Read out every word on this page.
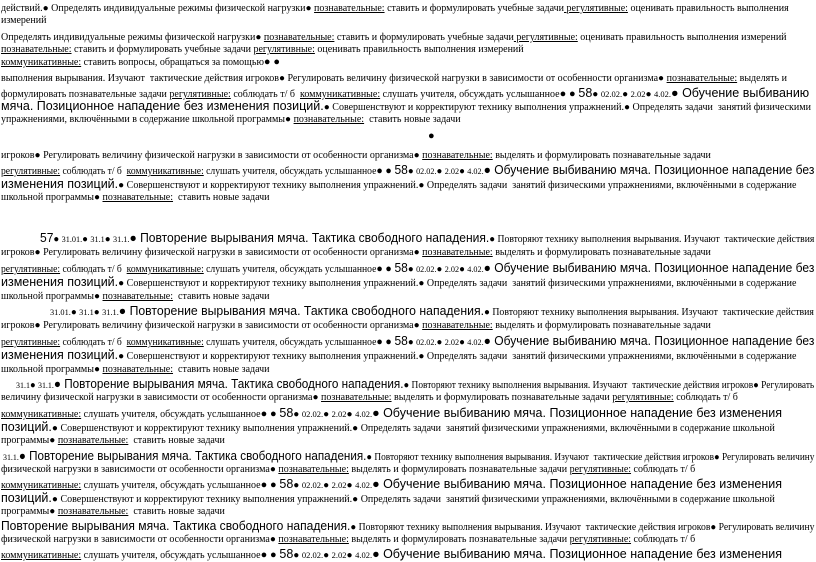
действий.● Определять индивидуальные режимы физической нагрузки● познавательные: ставить и формулировать учебные задачи регулятивные: оценивать правильность выполнения
измерений
Определять индивидуальные режимы физической нагрузки● познавательные: ставить и формулировать учебные задачи регулятивные: оценивать правильность выполнения измерений
познавательные: ставить и формулировать учебные задачи регулятивные: оценивать правильность выполнения измерений
коммуникативные: ставить вопросы, обращаться за помощью● ●
выполнения вырывания. Изучают  тактические действия игроков● Регулировать величину физической нагрузки в зависимости от особенности организма● познавательные: выделять и
формулировать познавательные задачи регулятивные: соблюдать т/ б  коммуникативные: слушать учителя, обсуждать услышанное● ● 58● 02.02.● 2.02● 4.02.● Обучение выбиванию
мяча. Позиционное нападение без изменения позиций.● Совершенствуют и корректируют технику выполнения упражнений.● Определять задачи  занятий физическими
упражнениями, включёнными в содержание школьной программы● познавательные:  ставить новые задачи
●
игроков● Регулировать величину физической нагрузки в зависимости от особенности организма● познавательные: выделять и формулировать познавательные задачи
регулятивные: соблюдать т/ б  коммуникативные: слушать учителя, обсуждать услышанное● ● 58● 02.02.● 2.02● 4.02.● Обучение выбиванию мяча. Позиционное нападение без
изменения позиций.● Совершенствуют и корректируют технику выполнения упражнений.● Определять задачи  занятий физическими упражнениями, включёнными в содержание
школьной программы● познавательные:  ставить новые задачи
57● 31.01.● 31.1● 31.1.● Повторение вырывания мяча. Тактика свободного нападения.● Повторяют технику выполнения вырывания. Изучают  тактические действия
игроков● Регулировать величину физической нагрузки в зависимости от особенности организма● познавательные: выделять и формулировать познавательные задачи
регулятивные: соблюдать т/ б  коммуникативные: слушать учителя, обсуждать услышанное● ● 58● 02.02.● 2.02● 4.02.● Обучение выбиванию мяча. Позиционное нападение без
изменения позиций.● Совершенствуют и корректируют технику выполнения упражнений.● Определять задачи  занятий физическими упражнениями, включёнными в содержание
школьной программы● познавательные:  ставить новые задачи
31.01.● 31.1● 31.1.● Повторение вырывания мяча. Тактика свободного нападения.● Повторяют технику выполнения вырывания. Изучают  тактические действия
игроков● Регулировать величину физической нагрузки в зависимости от особенности организма● познавательные: выделять и формулировать познавательные задачи
регулятивные: соблюдать т/ б  коммуникативные: слушать учителя, обсуждать услышанное● ● 58● 02.02.● 2.02● 4.02.● Обучение выбиванию мяча. Позиционное нападение без
изменения позиций.● Совершенствуют и корректируют технику выполнения упражнений.● Определять задачи  занятий физическими упражнениями, включёнными в содержание
школьной программы● познавательные:  ставить новые задачи
31.1● 31.1.● Повторение вырывания мяча. Тактика свободного нападения.● Повторяют технику выполнения вырывания. Изучают  тактические действия игроков● Регулировать
величину физической нагрузки в зависимости от особенности организма● познавательные: выделять и формулировать познавательные задачи регулятивные: соблюдать т/ б
коммуникативные: слушать учителя, обсуждать услышанное● ● 58● 02.02.● 2.02● 4.02.● Обучение выбиванию мяча. Позиционное нападение без изменения
позиций.● Совершенствуют и корректируют технику выполнения упражнений.● Определять задачи  занятий физическими упражнениями, включёнными в содержание школьной
программы● познавательные:  ставить новые задачи
31.1.● Повторение вырывания мяча. Тактика свободного нападения.● Повторяют технику выполнения вырывания. Изучают  тактические действия игроков● Регулировать величину
физической нагрузки в зависимости от особенности организма● познавательные: выделять и формулировать познавательные задачи регулятивные: соблюдать т/ б
коммуникативные: слушать учителя, обсуждать услышанное● ● 58● 02.02.● 2.02● 4.02.● Обучение выбиванию мяча. Позиционное нападение без изменения
позиций.● Совершенствуют и корректируют технику выполнения упражнений.● Определять задачи  занятий физическими упражнениями, включёнными в содержание школьной
программы● познавательные:  ставить новые задачи
Повторение вырывания мяча. Тактика свободного нападения.● Повторяют технику выполнения вырывания. Изучают  тактические действия игроков● Регулировать величину
физической нагрузки в зависимости от особенности организма● познавательные: выделять и формулировать познавательные задачи регулятивные: соблюдать т/ б
коммуникативные: слушать учителя, обсуждать услышанное● ● 58● 02.02.● 2.02● 4.02.● Обучение выбиванию мяча. Позиционное нападение без изменения
